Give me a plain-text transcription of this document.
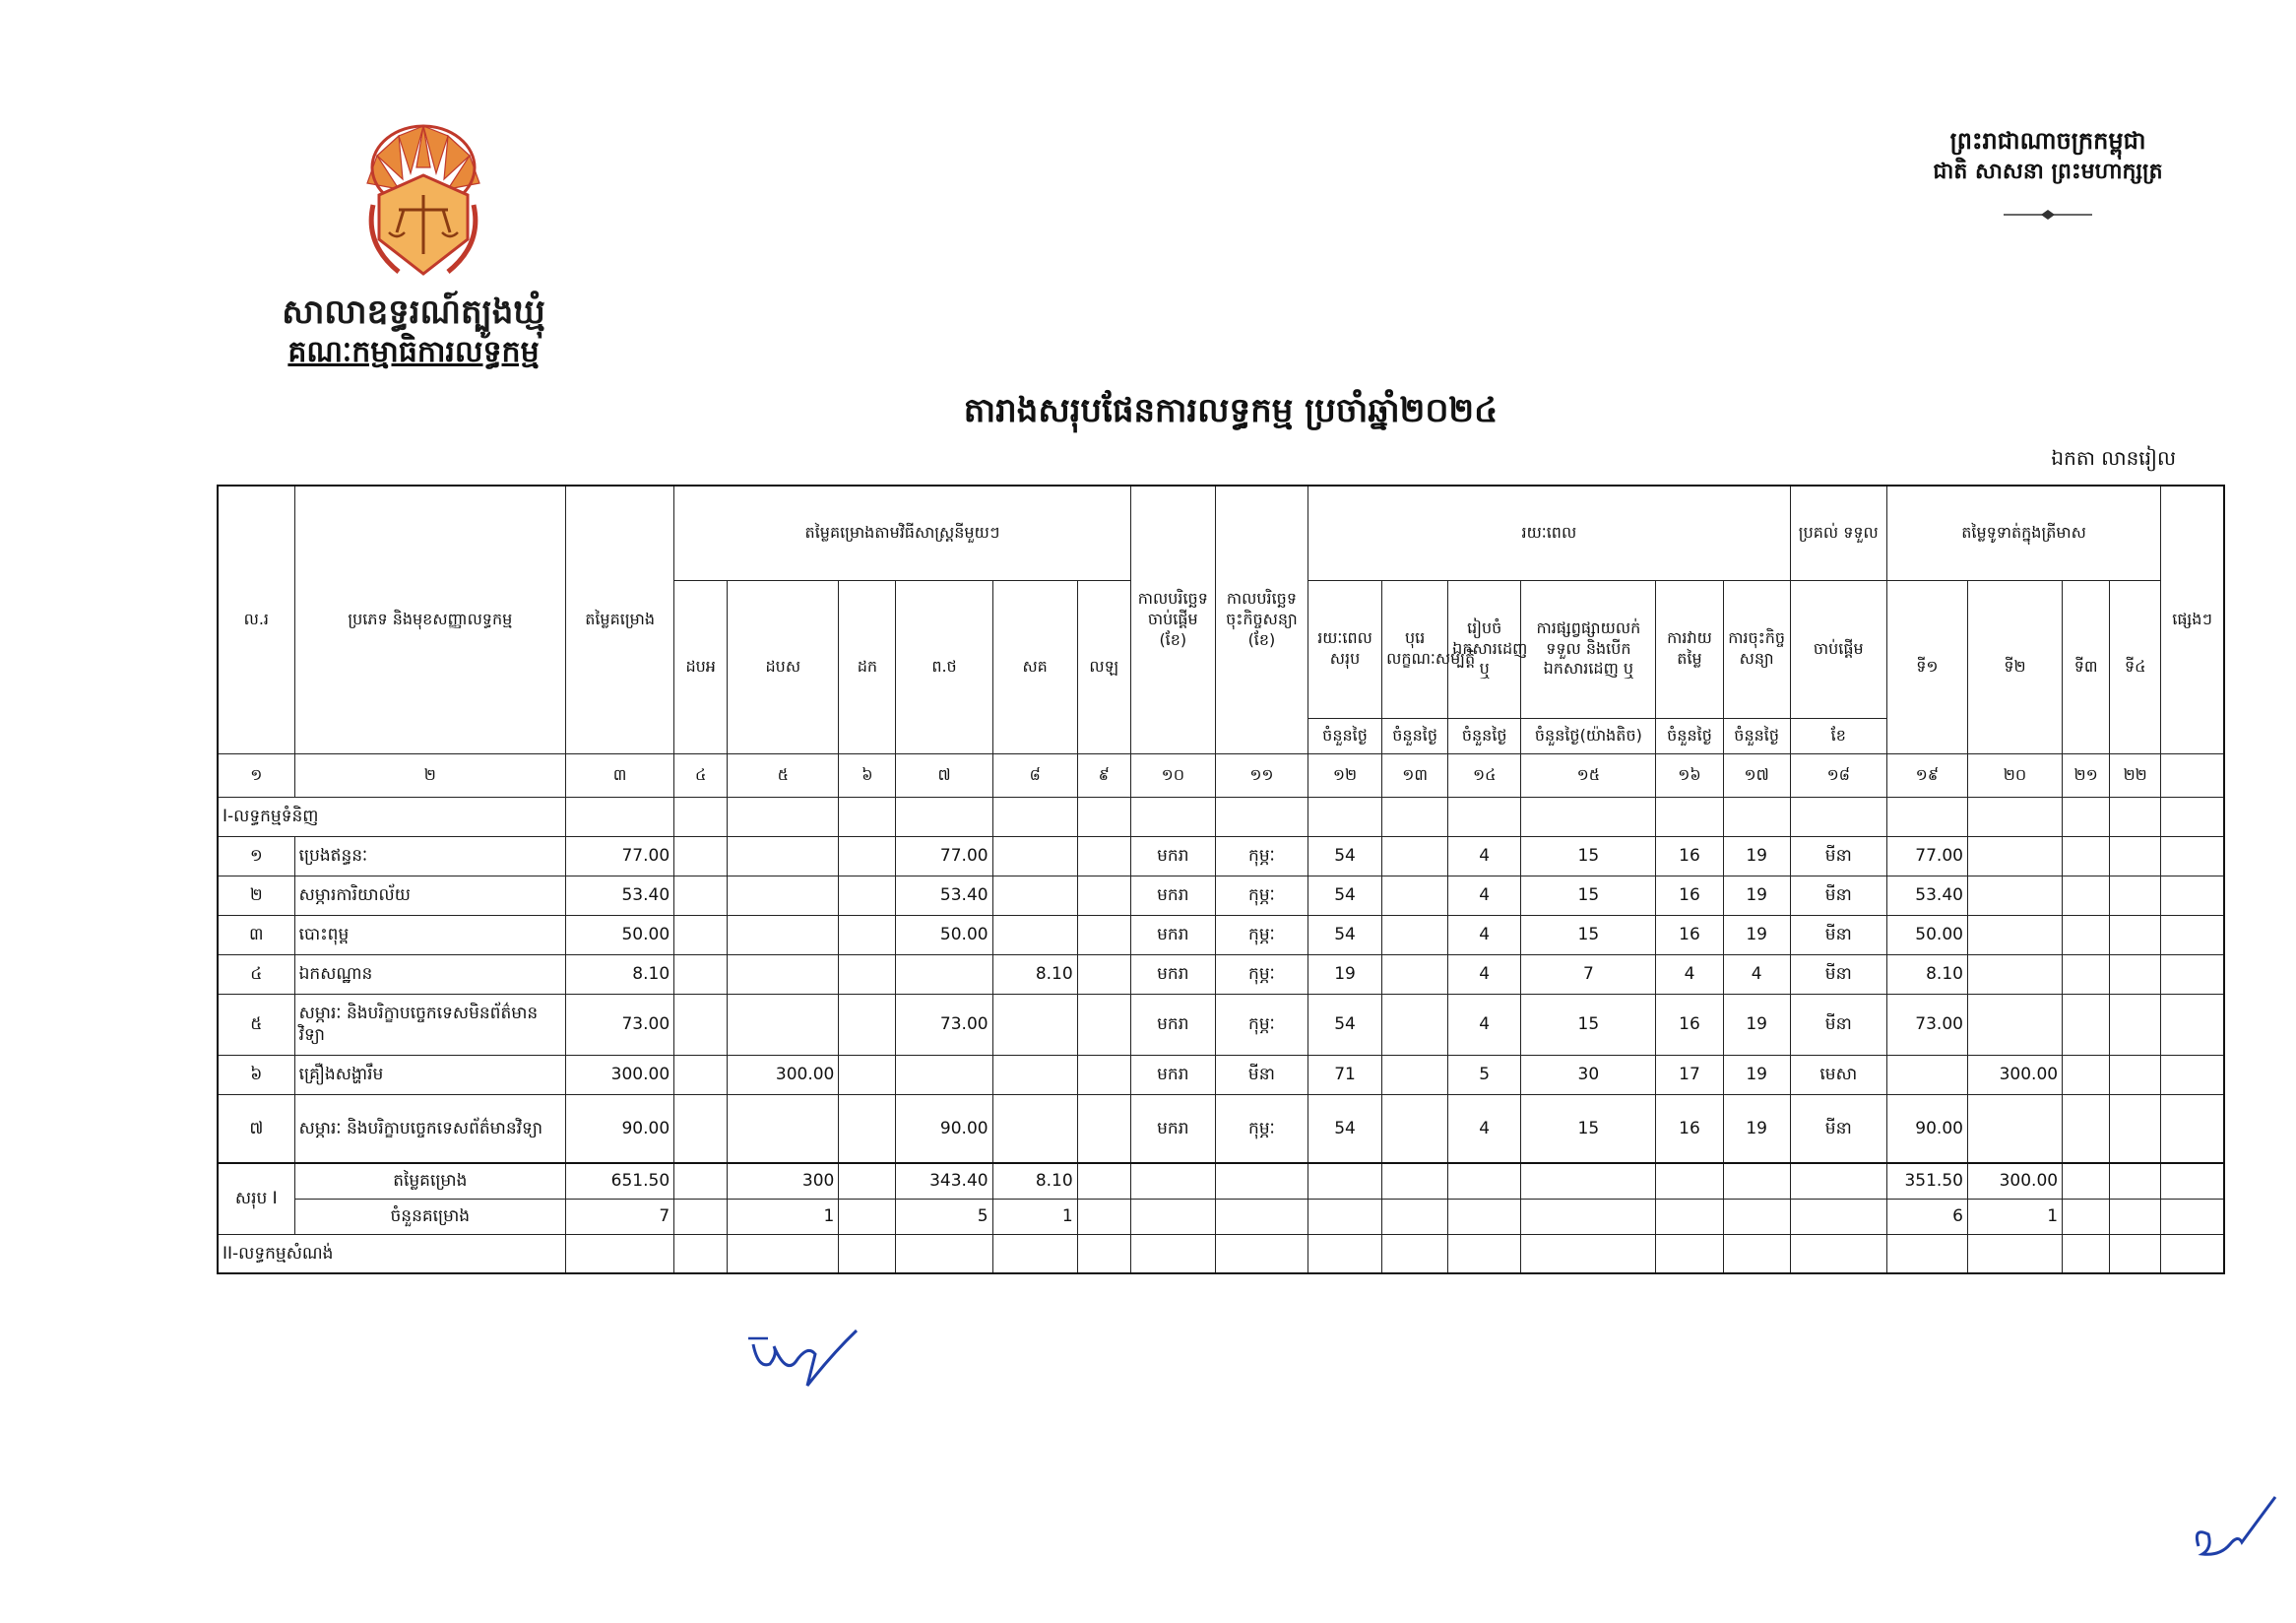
សាលាឧទ្ធរណ៍ត្បូងឃ្មុំ
គណៈកម្មាធិការលទ្ធកម្ម
ព្រះរាជាណាចក្រកម្ពុជា
ជាតិ សាសនា ព្រះមហាក្សត្រ
តារាងសរុបផែនការលទ្ធកម្ម ប្រចាំឆ្នាំ២០២៤
ឯកតា លានរៀល
ល.រ	ប្រភេទ និងមុខសញ្ញាលទ្ធកម្ម	តម្លៃគម្រោង	តម្លៃគម្រោងតាមវិធីសាស្ត្រនីមួយៗ						កាលបរិច្ឆេទចាប់ផ្តើម (ខែ)	កាលបរិច្ឆេទចុះកិច្ចសន្យា (ខែ)	រយៈពេល						ប្រគល់ ទទួល	តម្លៃទូទាត់ក្នុងត្រីមាស				ផ្សេងៗ
			ដបអ	ដបស	ដក	ព.ថ	សគ	លឡ			រយៈពេលសរុប	បុរេលក្ខណៈសម្បត្តិ	រៀបចំឯកសារដេញ ឬ	ការផ្សព្វផ្សាយលក់ ទទួល និងបើកឯកសារដេញ ឬ	ការវាយតម្លៃ	ការចុះកិច្ចសន្យា	ចាប់ផ្តើម	ទី១	ទី២	ទី៣	ទី៤	
											ចំនួនថ្ងៃ	ចំនួនថ្ងៃ	ចំនួនថ្ងៃ	ចំនួនថ្ងៃ(យ៉ាងតិច)	ចំនួនថ្ងៃ	ចំនួនថ្ងៃ	ខែ					
១	២	៣	៤	៥	៦	៧	៨	៩	១០	១១	១២	១៣	១៤	១៥	១៦	១៧	១៨	១៩	២០	២១	២២	
I-លទ្ធកម្មទំនិញ																						
១	ប្រេងឥន្ធនៈ	77.00				77.00			មករា	កុម្ភៈ	54		4	15	16	19	មីនា	77.00				
២	សម្ភារការិយាល័យ	53.40				53.40			មករា	កុម្ភៈ	54		4	15	16	19	មីនា	53.40				
៣	បោះពុម្ព	50.00				50.00			មករា	កុម្ភៈ	54		4	15	16	19	មីនា	50.00				
៤	ឯកសណ្ឋាន	8.10					8.10		មករា	កុម្ភៈ	19		4	7	4	4	មីនា	8.10				
៥	សម្ភារៈ និងបរិក្ខាបច្ចេកទេសមិនព័ត៌មានវិទ្យា	73.00				73.00			មករា	កុម្ភៈ	54		4	15	16	19	មីនា	73.00				
៦	គ្រឿងសង្ហារឹម	300.00		300.00					មករា	មីនា	71		5	30	17	19	មេសា		300.00			
៧	សម្ភារៈ និងបរិក្ខាបច្ចេកទេសព័ត៌មានវិទ្យា	90.00				90.00			មករា	កុម្ភៈ	54		4	15	16	19	មីនា	90.00				
សរុប I	តម្លៃគម្រោង	651.50		300		343.40	8.10											351.50	300.00			
	ចំនួនគម្រោង	7		1		5	1											6	1			
II-លទ្ធកម្មសំណង់																						
